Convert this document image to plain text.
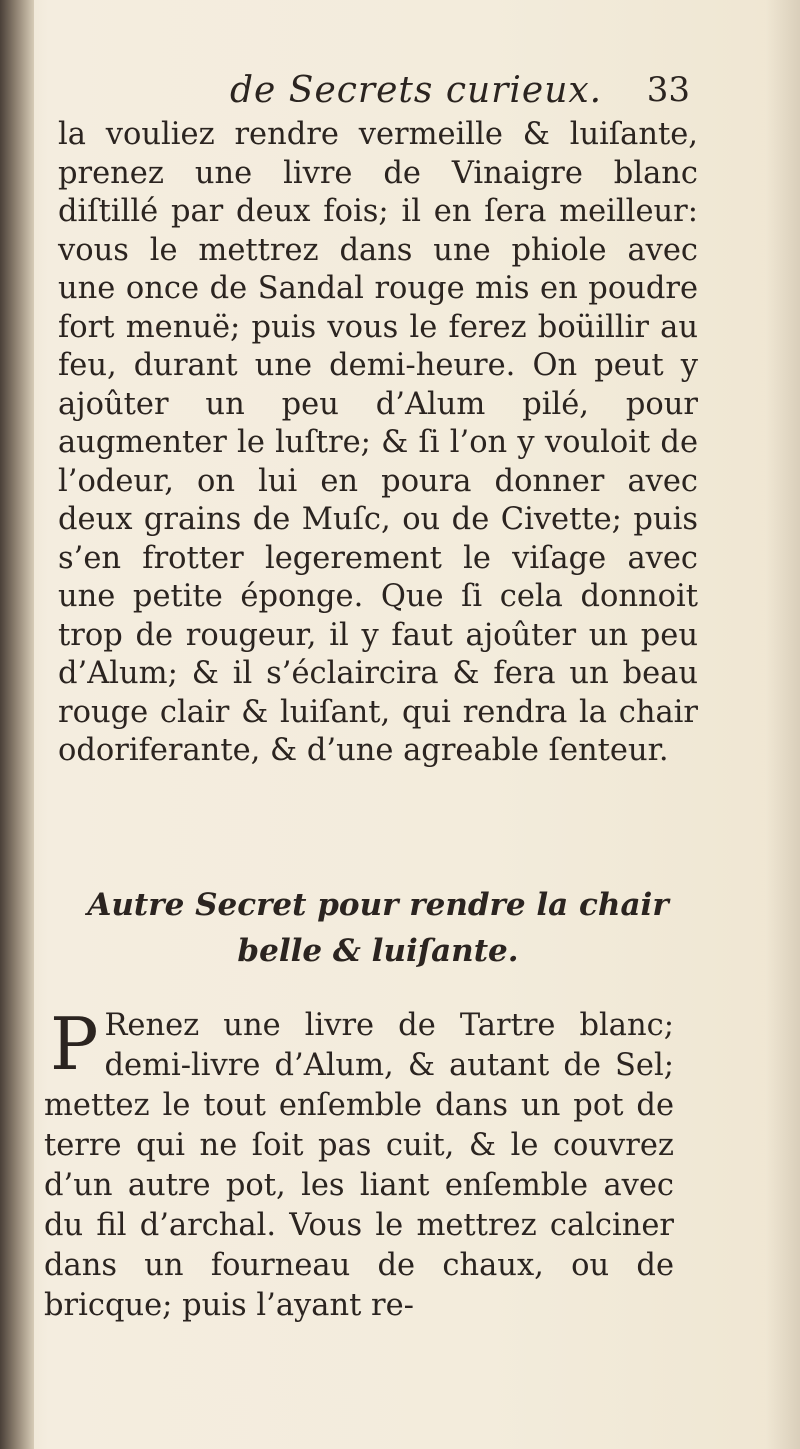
de Secrets curieux. 33

la vouliez rendre vermeille & luiſante, prenez une livre de Vinaigre blanc diſtillé par deux fois; il en ſera meilleur: vous le mettrez dans une phiole avec une once de Sandal rouge mis en poudre fort menuë; puis vous le ferez boüillir au feu, durant une demi-heure. On peut y ajoûter un peu d’Alum pilé, pour augmenter le luſtre; & ſi l’on y vouloit de l’odeur, on lui en poura donner avec deux grains de Muſc, ou de Civette; puis s’en frotter legerement le viſage avec une petite éponge. Que ſi cela donnoit trop de rougeur, il y faut ajoûter un peu d’Alum; & il s’éclaircira & fera un beau rouge clair & luiſant, qui rendra la chair odoriferante, & d’une agreable ſenteur.

Autre Secret pour rendre la chair belle & luiſante.

P Renez une livre de Tartre blanc; demi-livre d’Alum, & autant de Sel; mettez le tout enſemble dans un pot de terre qui ne ſoit pas cuit, & le couvrez d’un autre pot, les liant enſemble avec du fil d’archal. Vous le mettrez calciner dans un fourneau de chaux, ou de bricque; puis l’ayant re-
